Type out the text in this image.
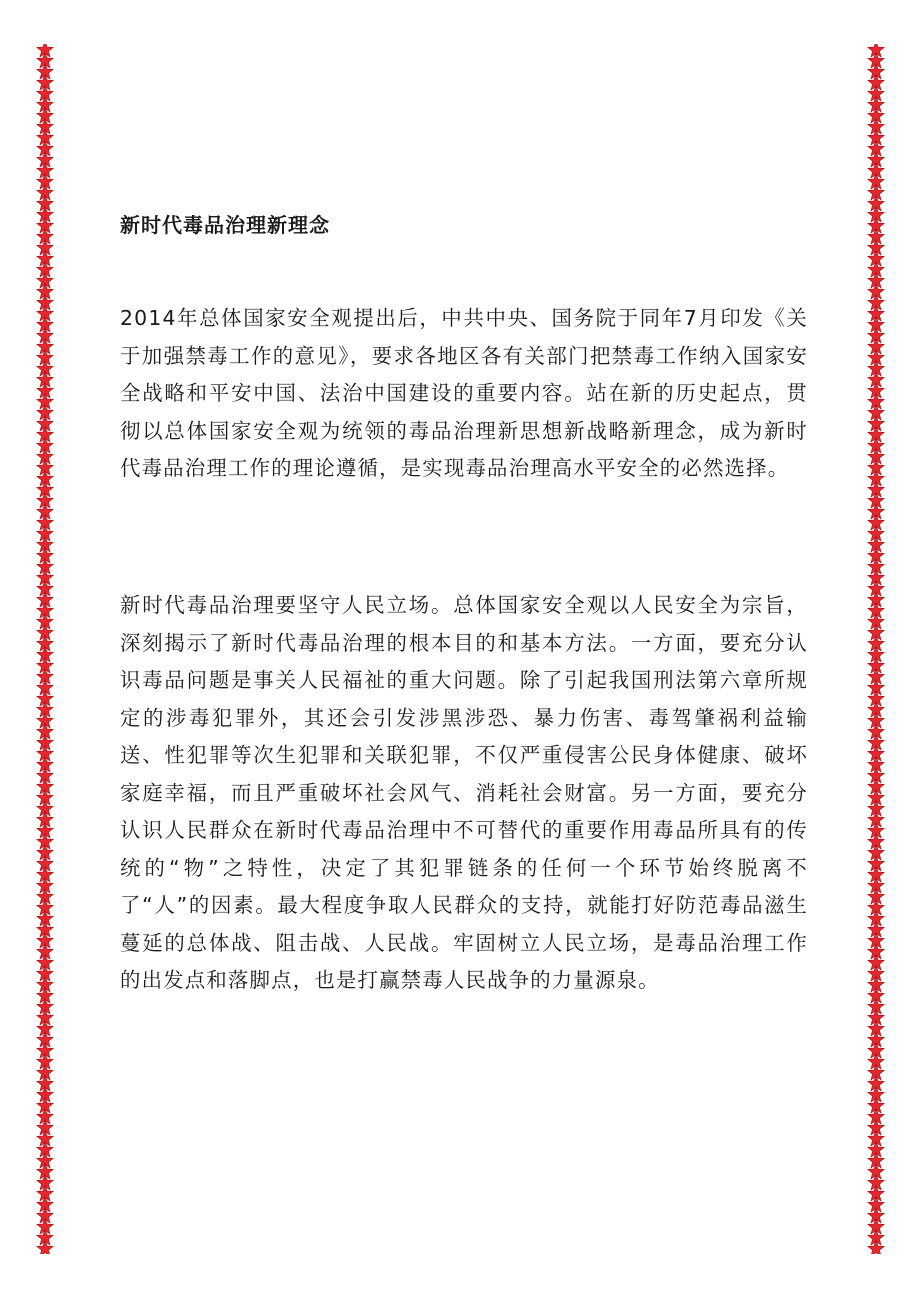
新时代毒品治理新理念

2014年总体国家安全观提出后，中共中央、国务院于同年7月印发《关于加强禁毒工作的意见》，要求各地区各有关部门把禁毒工作纳入国家安全战略和平安中国、法治中国建设的重要内容。站在新的历史起点，贯彻以总体国家安全观为统领的毒品治理新思想新战略新理念，成为新时代毒品治理工作的理论遵循，是实现毒品治理高水平安全的必然选择。

新时代毒品治理要坚守人民立场。总体国家安全观以人民安全为宗旨，深刻揭示了新时代毒品治理的根本目的和基本方法。一方面，要充分认识毒品问题是事关人民福祉的重大问题。除了引起我国刑法第六章所规定的涉毒犯罪外，其还会引发涉黑涉恐、暴力伤害、毒驾肇祸利益输送、性犯罪等次生犯罪和关联犯罪，不仅严重侵害公民身体健康、破坏家庭幸福，而且严重破坏社会风气、消耗社会财富。另一方面，要充分认识人民群众在新时代毒品治理中不可替代的重要作用毒品所具有的传统的“物”之特性，决定了其犯罪链条的任何一个环节始终脱离不了“人”的因素。最大程度争取人民群众的支持，就能打好防范毒品滋生蔓延的总体战、阻击战、人民战。牢固树立人民立场，是毒品治理工作的出发点和落脚点，也是打赢禁毒人民战争的力量源泉。
